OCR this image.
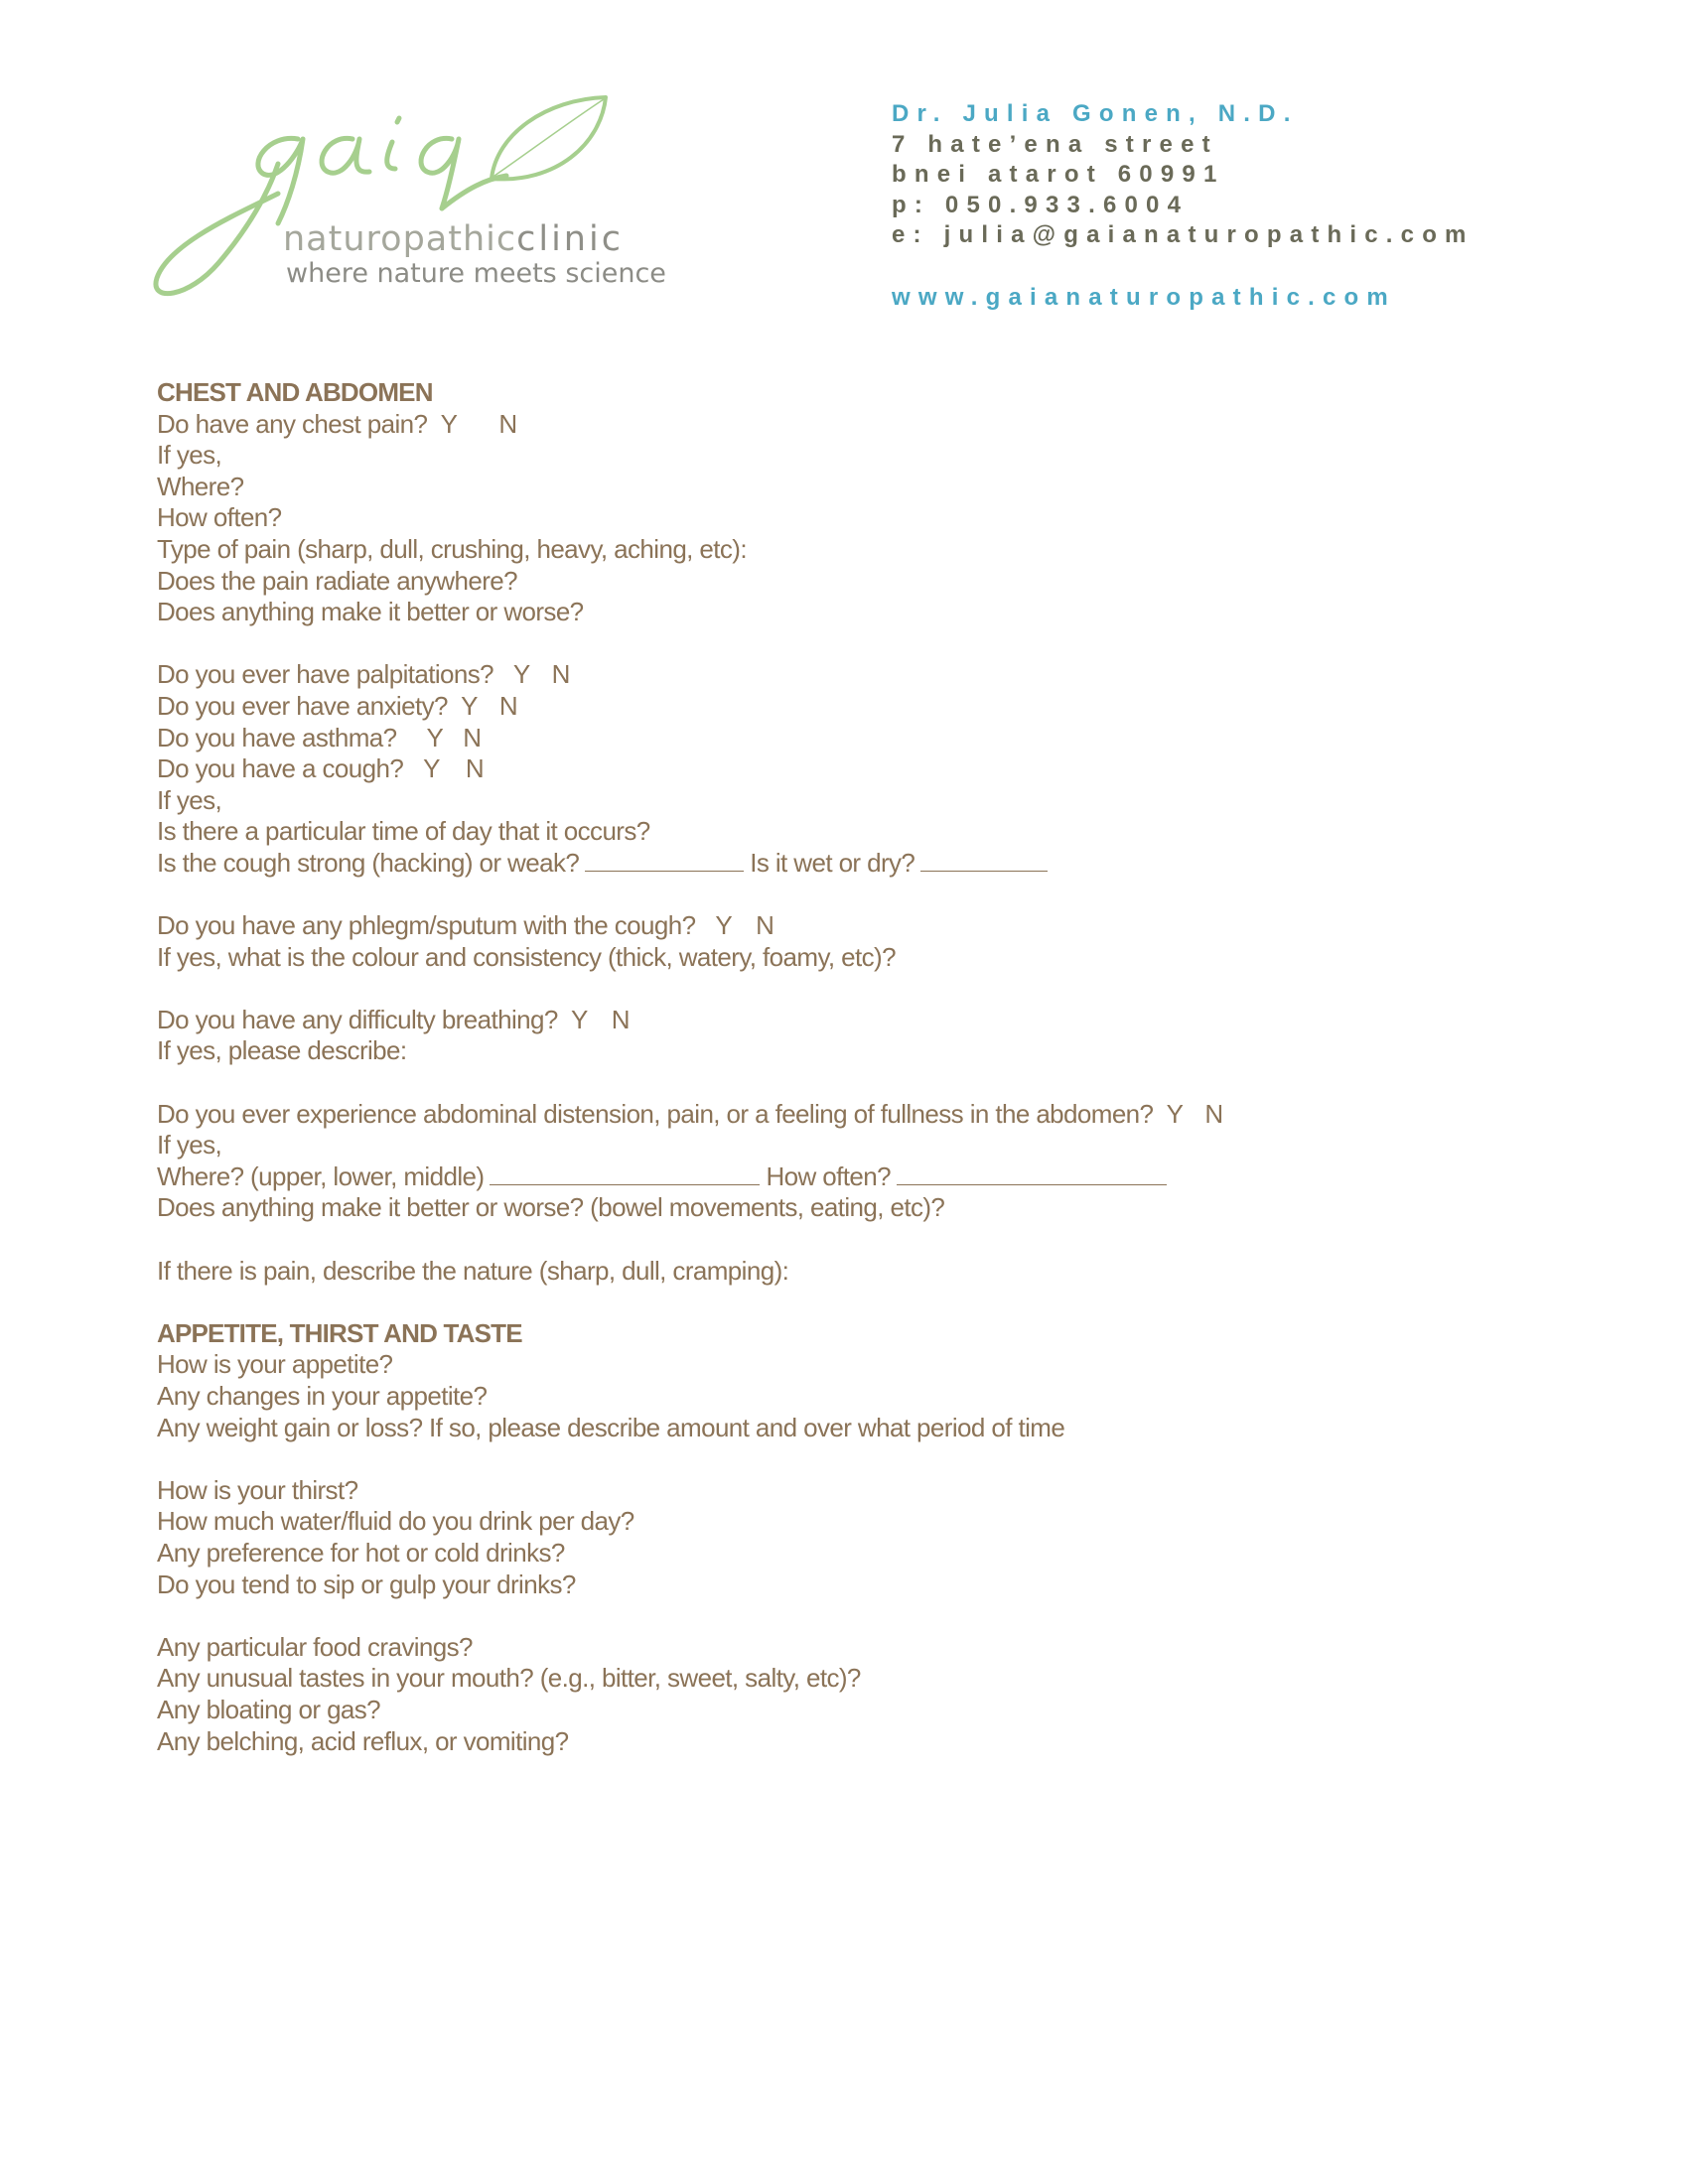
naturopathicclinic
where nature meets science
Dr. Julia Gonen, N.D.
7 hate’ena street
bnei atarot 60991
p: 050.933.6004
e: julia@gaianaturopathic.com
www.gaianaturopathic.com
CHEST AND ABDOMEN
Do have any chest pain? Y N
If yes,
Where?
How often?
Type of pain (sharp, dull, crushing, heavy, aching, etc):
Does the pain radiate anywhere?
Does anything make it better or worse?
Do you ever have palpitations? Y N
Do you ever have anxiety? Y N
Do you have asthma? Y N
Do you have a cough? Y N
If yes,
Is there a particular time of day that it occurs?
Is the cough strong (hacking) or weak?	Is it wet or dry?
Do you have any phlegm/sputum with the cough? Y N
If yes, what is the colour and consistency (thick, watery, foamy, etc)?
Do you have any difficulty breathing? Y N
If yes, please describe:
Do you ever experience abdominal distension, pain, or a feeling of fullness in the abdomen? Y N
If yes,
Where? (upper, lower, middle)	How often?
Does anything make it better or worse? (bowel movements, eating, etc)?
If there is pain, describe the nature (sharp, dull, cramping):
APPETITE, THIRST AND TASTE
How is your appetite?
Any changes in your appetite?
Any weight gain or loss? If so, please describe amount and over what period of time
How is your thirst?
How much water/fluid do you drink per day?
Any preference for hot or cold drinks?
Do you tend to sip or gulp your drinks?
Any particular food cravings?
Any unusual tastes in your mouth? (e.g., bitter, sweet, salty, etc)?
Any bloating or gas?
Any belching, acid reflux, or vomiting?
